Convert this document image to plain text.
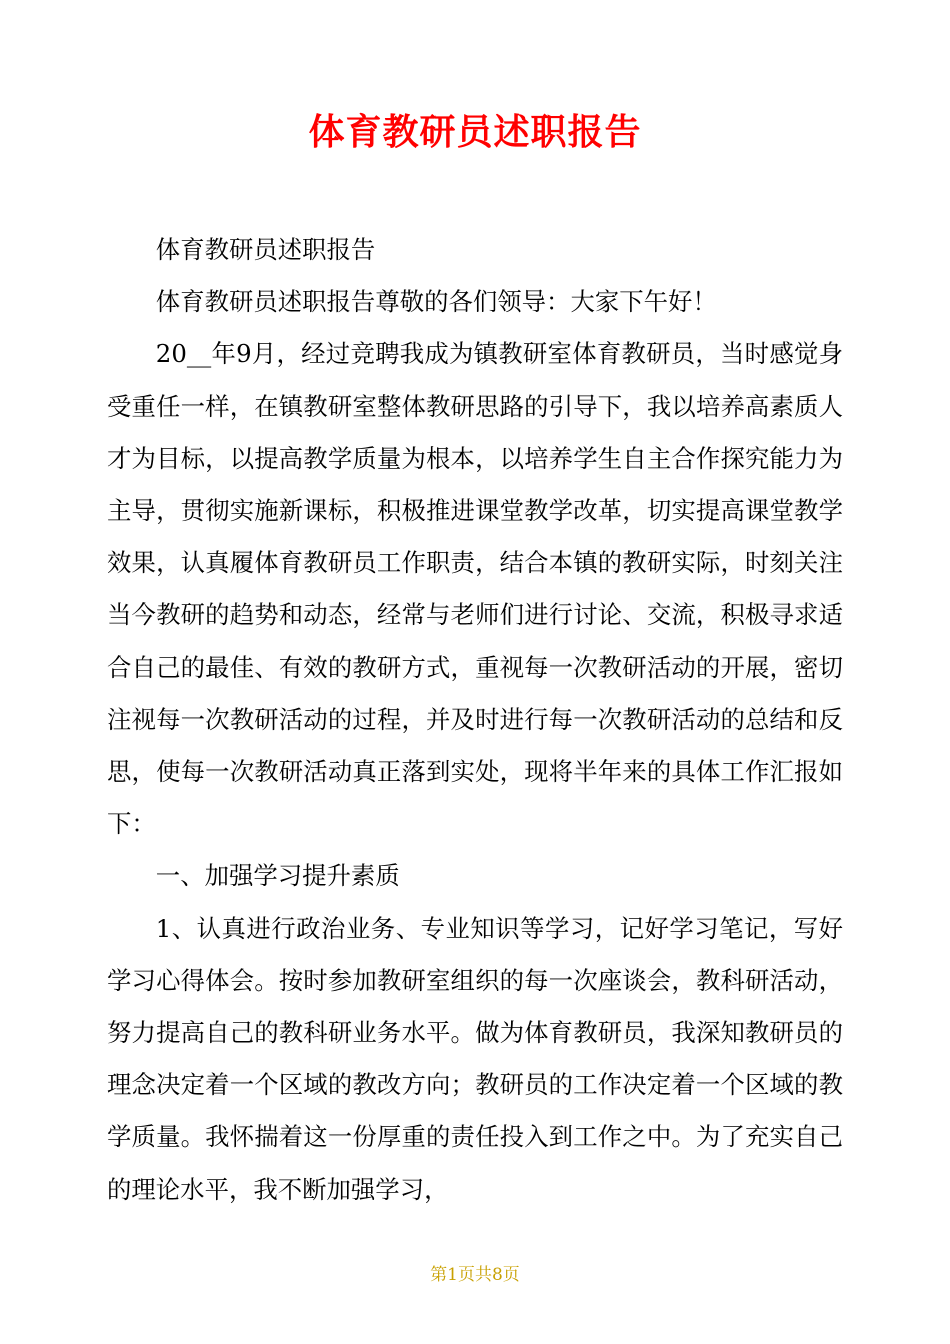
体育教研员述职报告

体育教研员述职报告

体育教研员述职报告尊敬的各们领导：大家下午好！

20__年9月，经过竞聘我成为镇教研室体育教研员，当时感觉身受重任一样，在镇教研室整体教研思路的引导下，我以培养高素质人才为目标，以提高教学质量为根本，以培养学生自主合作探究能力为主导，贯彻实施新课标，积极推进课堂教学改革，切实提高课堂教学效果，认真履体育教研员工作职责，结合本镇的教研实际，时刻关注当今教研的趋势和动态，经常与老师们进行讨论、交流，积极寻求适合自己的最佳、有效的教研方式，重视每一次教研活动的开展，密切注视每一次教研活动的过程，并及时进行每一次教研活动的总结和反思，使每一次教研活动真正落到实处，现将半年来的具体工作汇报如下：

一、加强学习提升素质

1、认真进行政治业务、专业知识等学习，记好学习笔记，写好学习心得体会。按时参加教研室组织的每一次座谈会，教科研活动，努力提高自己的教科研业务水平。做为体育教研员，我深知教研员的理念决定着一个区域的教改方向；教研员的工作决定着一个区域的教学质量。我怀揣着这一份厚重的责任投入到工作之中。为了充实自己的理论水平，我不断加强学习，

第1页共8页
